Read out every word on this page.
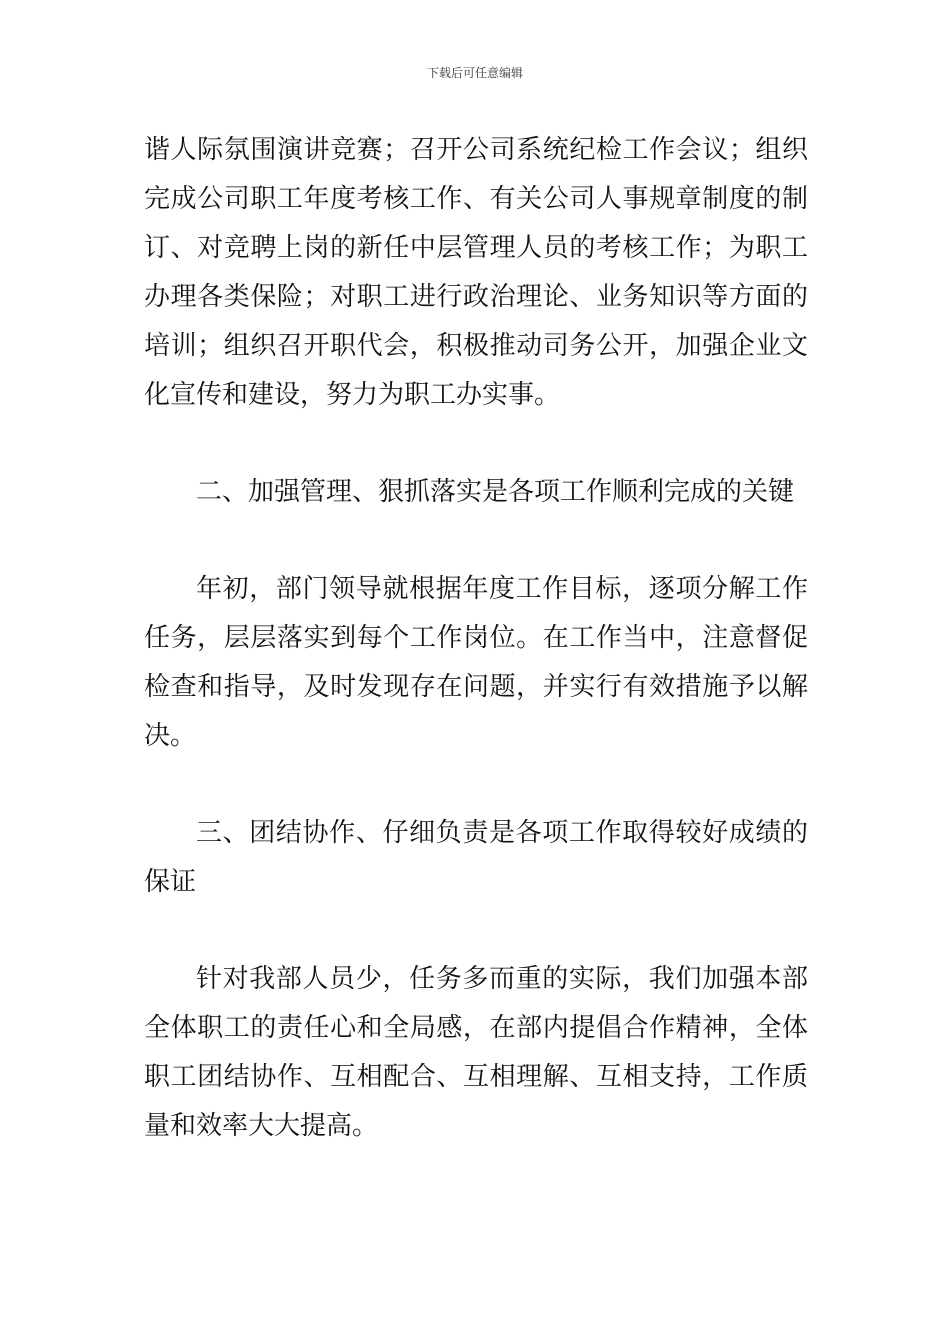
下载后可任意编辑

谐人际氛围演讲竞赛；召开公司系统纪检工作会议；组织完成公司职工年度考核工作、有关公司人事规章制度的制订、对竞聘上岗的新任中层管理人员的考核工作；为职工办理各类保险；对职工进行政治理论、业务知识等方面的培训；组织召开职代会，积极推动司务公开，加强企业文化宣传和建设，努力为职工办实事。

二、加强管理、狠抓落实是各项工作顺利完成的关键

年初，部门领导就根据年度工作目标，逐项分解工作任务，层层落实到每个工作岗位。在工作当中，注意督促检查和指导，及时发现存在问题，并实行有效措施予以解决。

三、团结协作、仔细负责是各项工作取得较好成绩的保证

针对我部人员少，任务多而重的实际，我们加强本部全体职工的责任心和全局感，在部内提倡合作精神，全体职工团结协作、互相配合、互相理解、互相支持，工作质量和效率大大提高。
